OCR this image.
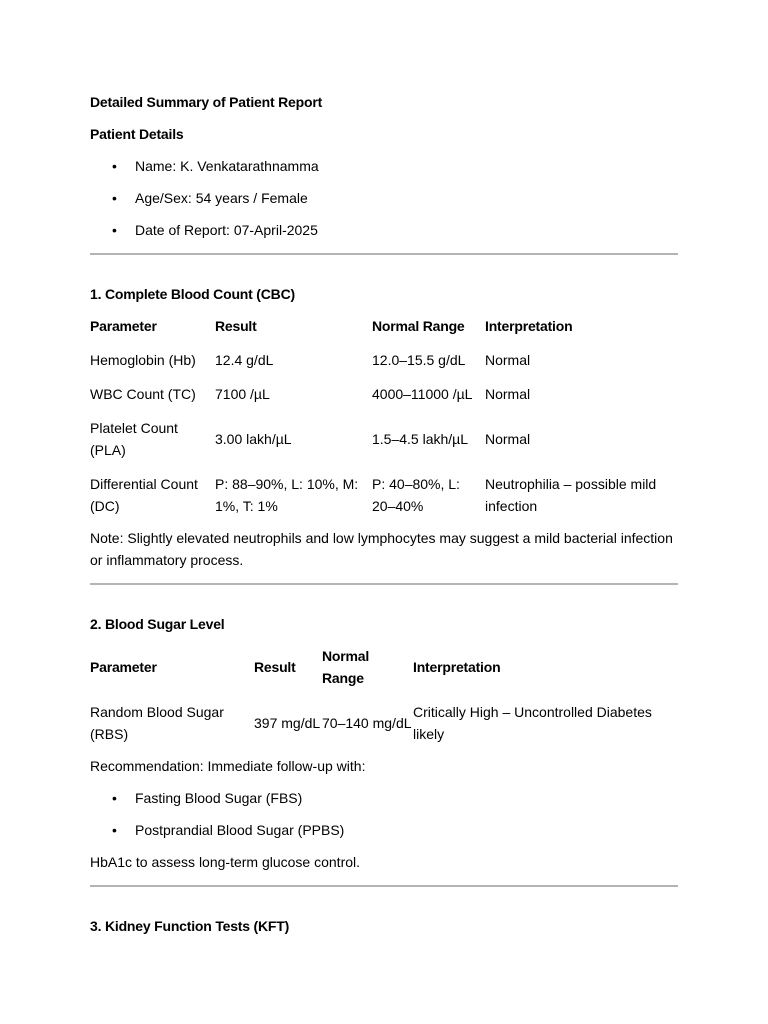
Detailed Summary of Patient Report

Patient Details

• Name: K. Venkatarathnamma
• Age/Sex: 54 years / Female
• Date of Report: 07-April-2025

1. Complete Blood Count (CBC)

Parameter	Result	Normal Range	Interpretation
Hemoglobin (Hb)	12.4 g/dL	12.0–15.5 g/dL	Normal
WBC Count (TC)	7100 /µL	4000–11000 /µL	Normal
Platelet Count (PLA)	3.00 lakh/µL	1.5–4.5 lakh/µL	Normal
Differential Count (DC)	P: 88–90%, L: 10%, M: 1%, T: 1%	P: 40–80%, L: 20–40%	Neutrophilia – possible mild infection

Note: Slightly elevated neutrophils and low lymphocytes may suggest a mild bacterial infection or inflammatory process.

2. Blood Sugar Level

Parameter	Result	Normal Range	Interpretation
Random Blood Sugar (RBS)	397 mg/dL	70–140 mg/dL	Critically High – Uncontrolled Diabetes likely

Recommendation: Immediate follow-up with:

• Fasting Blood Sugar (FBS)
• Postprandial Blood Sugar (PPBS)

HbA1c to assess long-term glucose control.

3. Kidney Function Tests (KFT)
